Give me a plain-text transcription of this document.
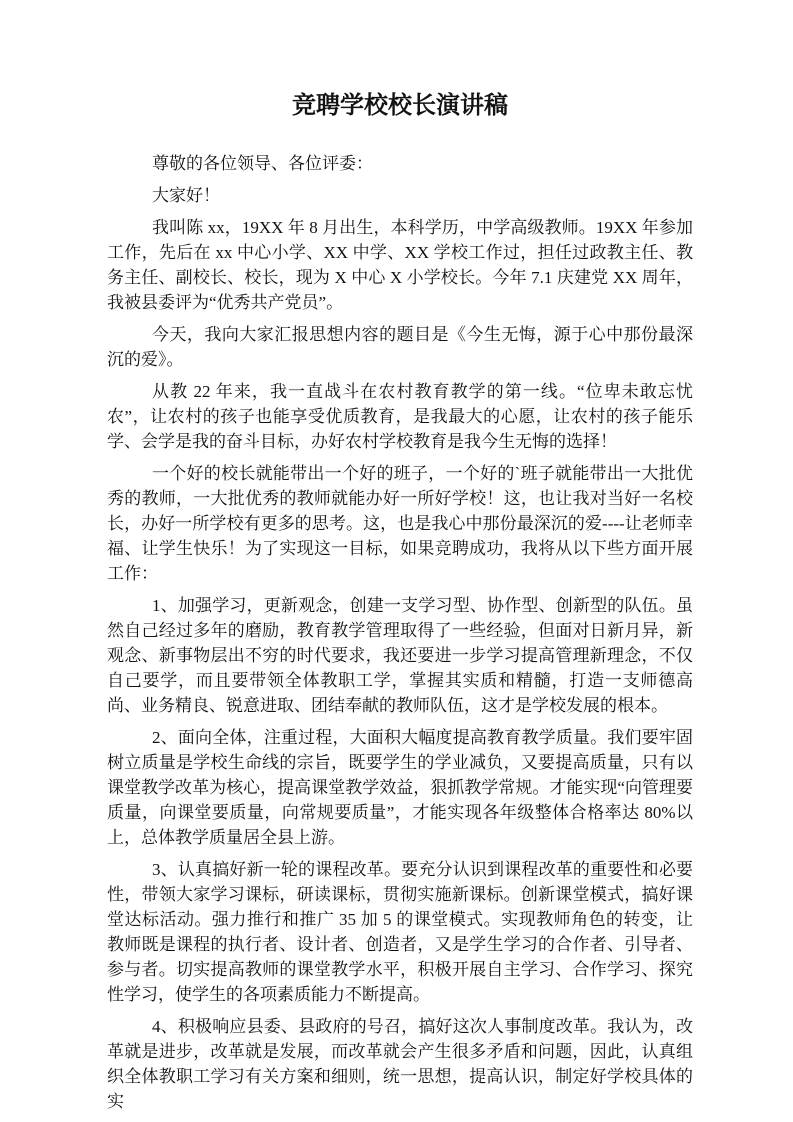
竞聘学校校长演讲稿

尊敬的各位领导、各位评委：

大家好！

我叫陈 xx，19XX 年 8 月出生，本科学历，中学高级教师。19XX 年参加工作，先后在 xx 中心小学、XX 中学、XX 学校工作过，担任过政教主任、教务主任、副校长、校长，现为 X 中心 X 小学校长。今年 7.1 庆建党 XX 周年，我被县委评为“优秀共产党员”。

今天，我向大家汇报思想内容的题目是《今生无悔，源于心中那份最深沉的爱》。

从教 22 年来，我一直战斗在农村教育教学的第一线。“位卑未敢忘忧农”，让农村的孩子也能享受优质教育，是我最大的心愿，让农村的孩子能乐学、会学是我的奋斗目标，办好农村学校教育是我今生无悔的选择！

一个好的校长就能带出一个好的班子，一个好的`班子就能带出一大批优秀的教师，一大批优秀的教师就能办好一所好学校！这，也让我对当好一名校长，办好一所学校有更多的思考。这，也是我心中那份最深沉的爱----让老师幸福、让学生快乐！为了实现这一目标，如果竞聘成功，我将从以下些方面开展工作：

1、加强学习，更新观念，创建一支学习型、协作型、创新型的队伍。虽然自己经过多年的磨励，教育教学管理取得了一些经验，但面对日新月异，新观念、新事物层出不穷的时代要求，我还要进一步学习提高管理新理念，不仅自己要学，而且要带领全体教职工学，掌握其实质和精髓，打造一支师德高尚、业务精良、锐意进取、团结奉献的教师队伍，这才是学校发展的根本。

2、面向全体，注重过程，大面积大幅度提高教育教学质量。我们要牢固树立质量是学校生命线的宗旨，既要学生的学业减负，又要提高质量，只有以课堂教学改革为核心，提高课堂教学效益，狠抓教学常规。才能实现“向管理要质量，向课堂要质量，向常规要质量”，才能实现各年级整体合格率达 80%以上，总体教学质量居全县上游。

3、认真搞好新一轮的课程改革。要充分认识到课程改革的重要性和必要性，带领大家学习课标，研读课标，贯彻实施新课标。创新课堂模式，搞好课堂达标活动。强力推行和推广 35 加 5 的课堂模式。实现教师角色的转变，让教师既是课程的执行者、设计者、创造者，又是学生学习的合作者、引导者、参与者。切实提高教师的课堂教学水平，积极开展自主学习、合作学习、探究性学习，使学生的各项素质能力不断提高。

4、积极响应县委、县政府的号召，搞好这次人事制度改革。我认为，改革就是进步，改革就是发展，而改革就会产生很多矛盾和问题，因此，认真组织全体教职工学习有关方案和细则，统一思想，提高认识，制定好学校具体的实
